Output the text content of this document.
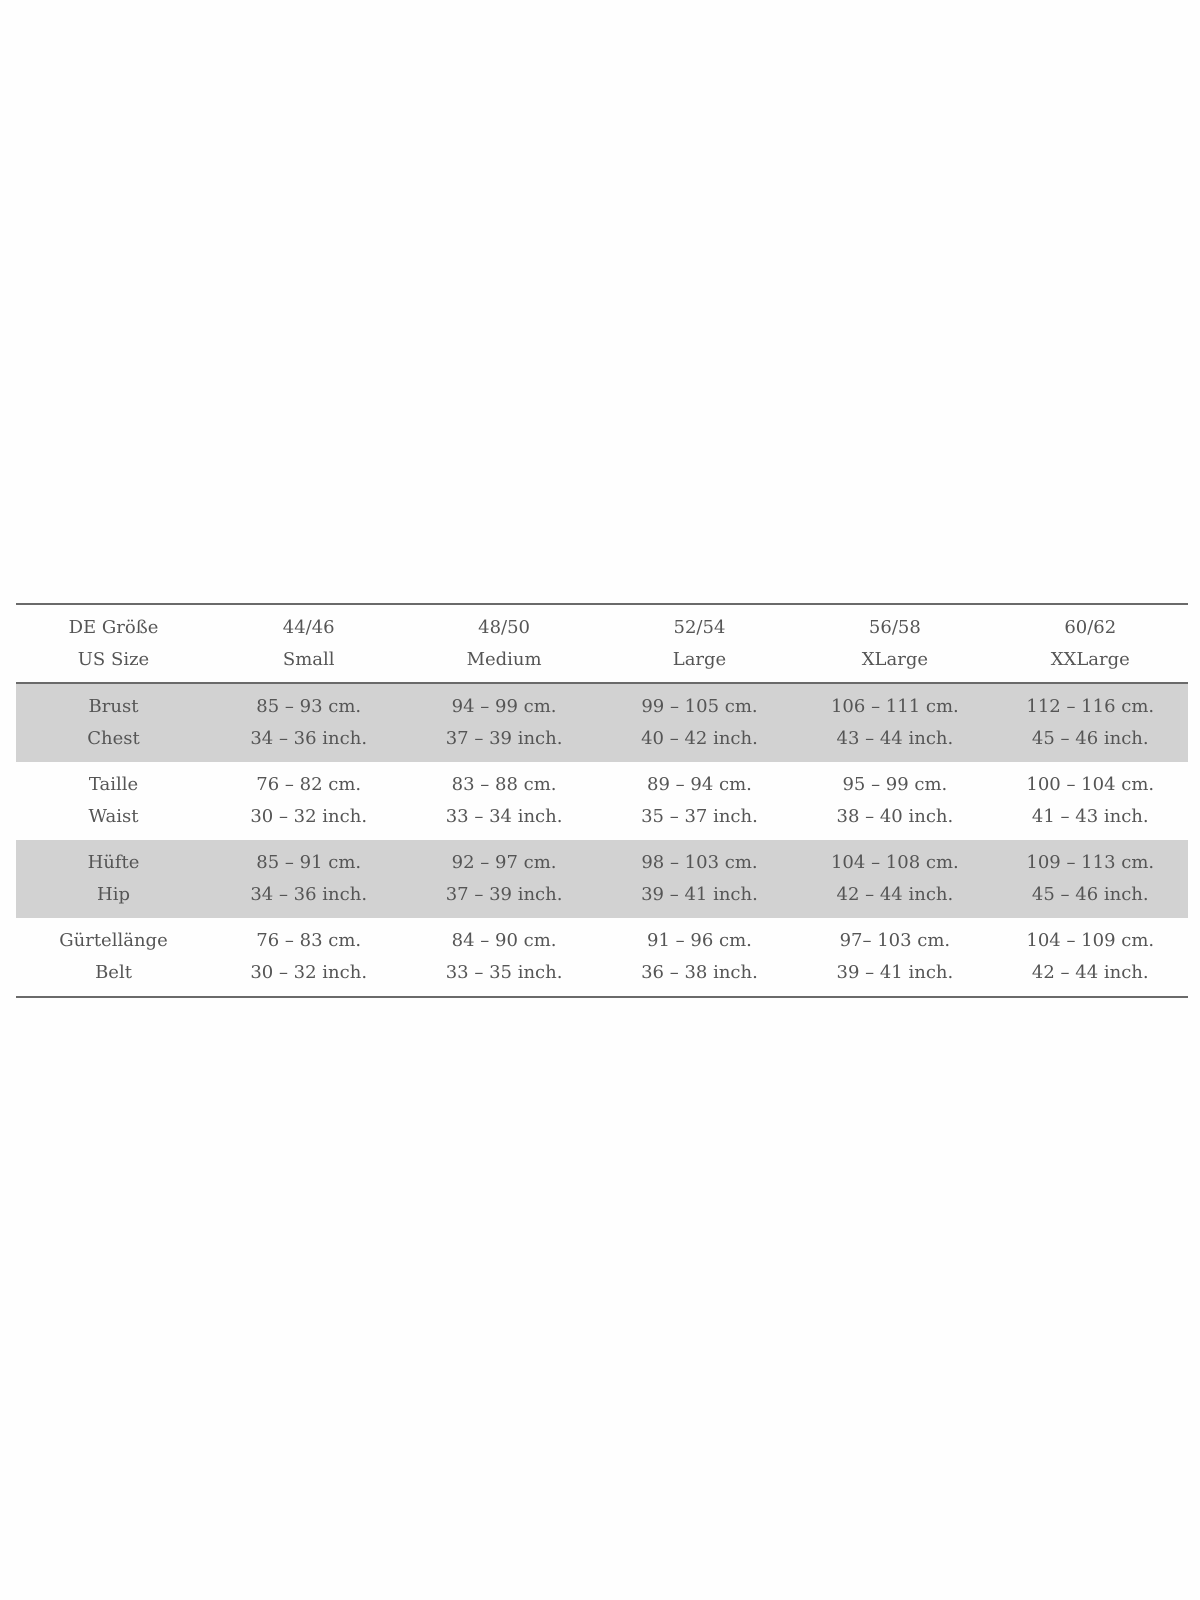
DE Größe
US Size
44/46
Small
48/50
Medium
52/54
Large
56/58
XLarge
60/62
XXLarge
Brust
Chest
85 – 93 cm.
34 – 36 inch.
94 – 99 cm.
37 – 39 inch.
99 – 105 cm.
40 – 42 inch.
106 – 111 cm.
43 – 44 inch.
112 – 116 cm.
45 – 46 inch.
Taille
Waist
76 – 82 cm.
30 – 32 inch.
83 – 88 cm.
33 – 34 inch.
89 – 94 cm.
35 – 37 inch.
95 – 99 cm.
38 – 40 inch.
100 – 104 cm.
41 – 43 inch.
Hüfte
Hip
85 – 91 cm.
34 – 36 inch.
92 – 97 cm.
37 – 39 inch.
98 – 103 cm.
39 – 41 inch.
104 – 108 cm.
42 – 44 inch.
109 – 113 cm.
45 – 46 inch.
Gürtellänge
Belt
76 – 83 cm.
30 – 32 inch.
84 – 90 cm.
33 – 35 inch.
91 – 96 cm.
36 – 38 inch.
97– 103 cm.
39 – 41 inch.
104 – 109 cm.
42 – 44 inch.
